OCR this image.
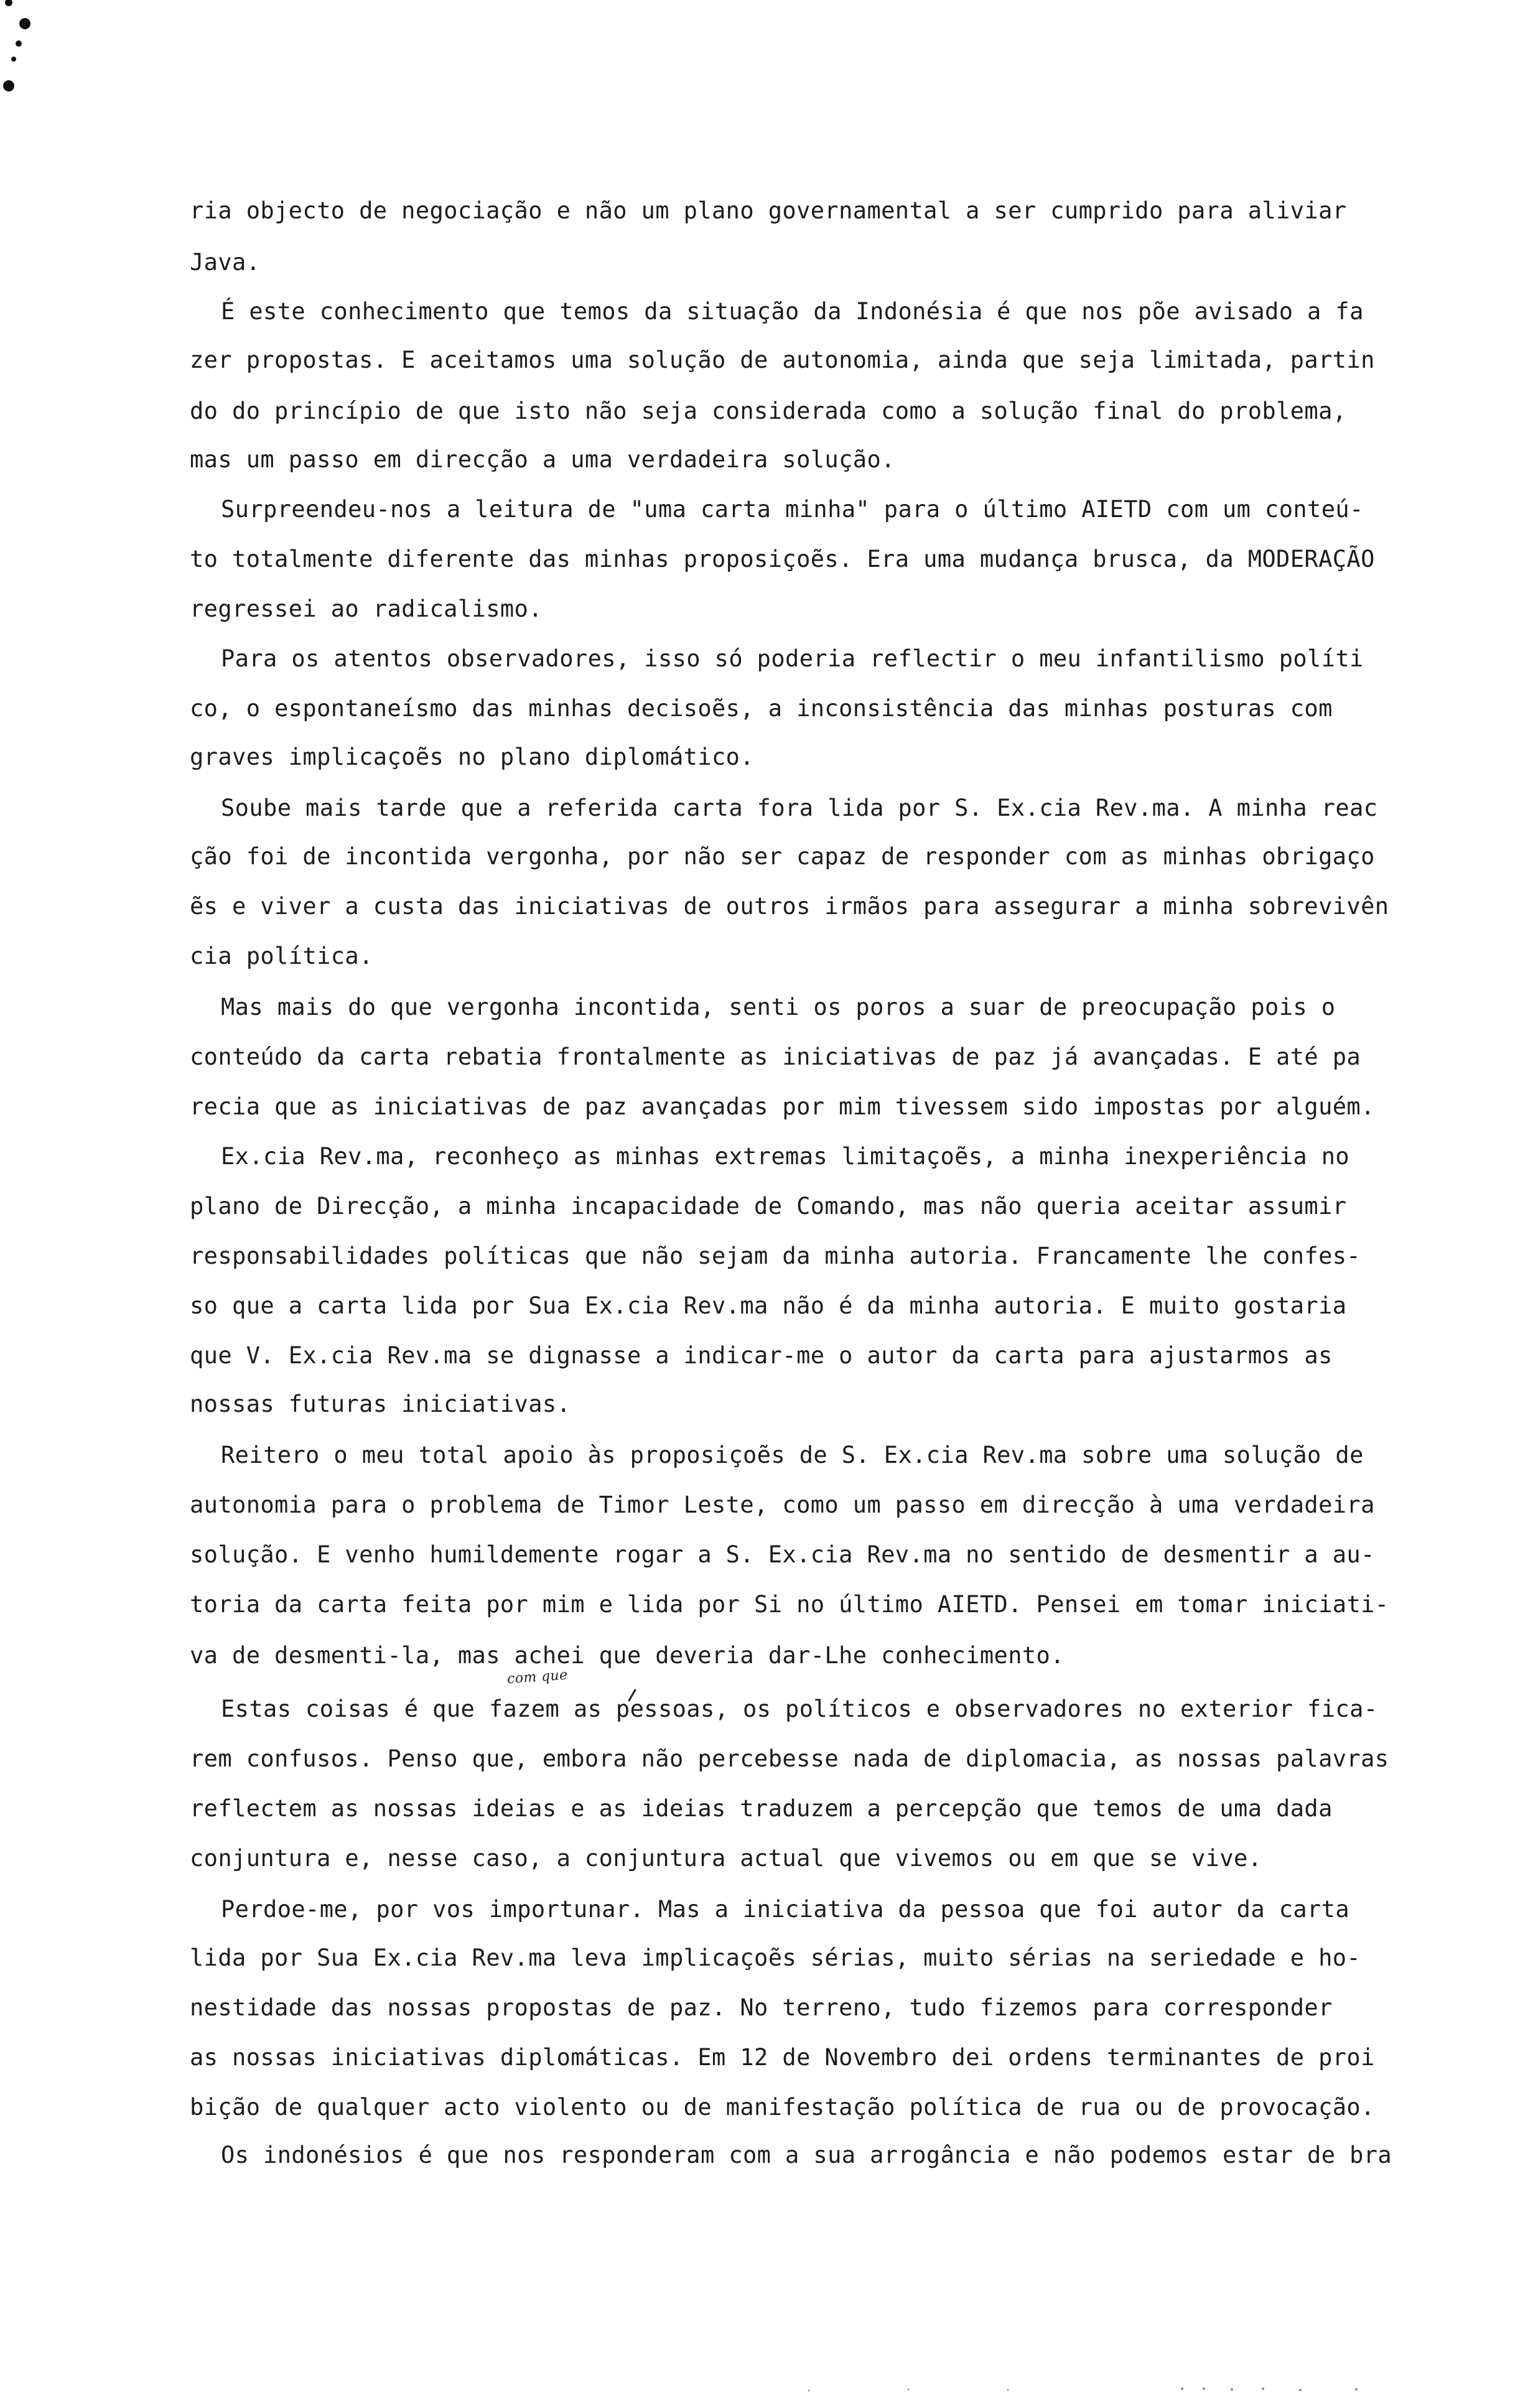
ria objecto de negociação e não um plano governamental a ser cumprido para aliviar
Java.
É este conhecimento que temos da situação da Indonésia é que nos põe avisado a fa
zer propostas. E aceitamos uma solução de autonomia, ainda que seja limitada, partin
do do princípio de que isto não seja considerada como a solução final do problema,
mas um passo em direcção a uma verdadeira solução.
Surpreendeu-nos a leitura de "uma carta minha" para o último AIETD com um conteú-
to totalmente diferente das minhas proposiçoẽs. Era uma mudança brusca, da MODERAÇÃO
regressei ao radicalismo.
Para os atentos observadores, isso só poderia reflectir o meu infantilismo políti
co, o espontaneísmo das minhas decisoẽs, a inconsistência das minhas posturas com
graves implicaçoẽs no plano diplomático.
Soube mais tarde que a referida carta fora lida por S. Ex.cia Rev.ma. A minha reac
ção foi de incontida vergonha, por não ser capaz de responder com as minhas obrigaço
ẽs e viver a custa das iniciativas de outros irmãos para assegurar a minha sobrevivên
cia política.
Mas mais do que vergonha incontida, senti os poros a suar de preocupação pois o
conteúdo da carta rebatia frontalmente as iniciativas de paz já avançadas. E até pa
recia que as iniciativas de paz avançadas por mim tivessem sido impostas por alguém.
Ex.cia Rev.ma, reconheço as minhas extremas limitaçoẽs, a minha inexperiência no
plano de Direcção, a minha incapacidade de Comando, mas não queria aceitar assumir
responsabilidades políticas que não sejam da minha autoria. Francamente lhe confes-
so que a carta lida por Sua Ex.cia Rev.ma não é da minha autoria. E muito gostaria
que V. Ex.cia Rev.ma se dignasse a indicar-me o autor da carta para ajustarmos as
nossas futuras iniciativas.
Reitero o meu total apoio às proposiçoẽs de S. Ex.cia Rev.ma sobre uma solução de
autonomia para o problema de Timor Leste, como um passo em direcção à uma verdadeira
solução. E venho humildemente rogar a S. Ex.cia Rev.ma no sentido de desmentir a au-
toria da carta feita por mim e lida por Si no último AIETD. Pensei em tomar iniciati-
va de desmenti-la, mas achei que deveria dar-Lhe conhecimento.
Estas coisas é que fazem as pessoas, os políticos e observadores no exterior fica-
rem confusos. Penso que, embora não percebesse nada de diplomacia, as nossas palavras
reflectem as nossas ideias e as ideias traduzem a percepção que temos de uma dada
conjuntura e, nesse caso, a conjuntura actual que vivemos ou em que se vive.
Perdoe-me, por vos importunar. Mas a iniciativa da pessoa que foi autor da carta
lida por Sua Ex.cia Rev.ma leva implicaçoẽs sérias, muito sérias na seriedade e ho-
nestidade das nossas propostas de paz. No terreno, tudo fizemos para corresponder
as nossas iniciativas diplomáticas. Em 12 de Novembro dei ordens terminantes de proi
bição de qualquer acto violento ou de manifestação política de rua ou de provocação.
Os indonésios é que nos responderam com a sua arrogância e não podemos estar de bra
com que
